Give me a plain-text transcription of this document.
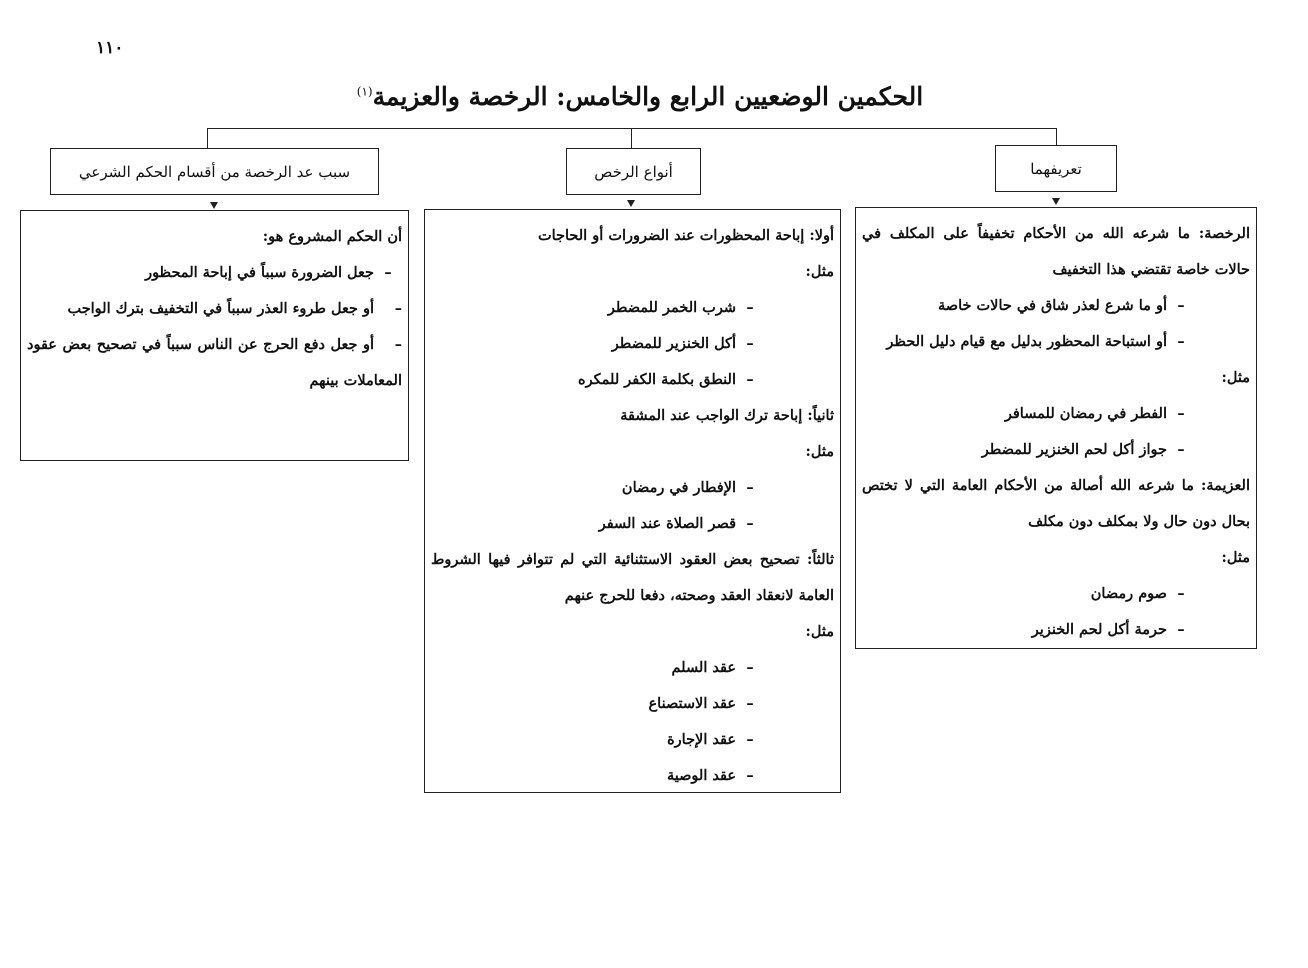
١١٠
الحكمين الوضعيين الرابع والخامس: الرخصة والعزيمة$^{(١)}$
تعريفهما
أنواع الرخص
سبب عد الرخصة من أقسام الحكم الشرعي
الرخصة: ما شرعه الله من الأحكام تخفيفاً على المكلف في حالات خاصة تقتضي هذا التخفيف
–أو ما شرع لعذر شاق في حالات خاصة
–أو استباحة المحظور بدليل مع قيام دليل الحظر
مثل:
–الفطر في رمضان للمسافر
–جواز أكل لحم الخنزير للمضطر
العزيمة: ما شرعه الله أصالة من الأحكام العامة التي لا تختص بحال دون حال ولا بمكلف دون مكلف
مثل:
–صوم رمضان
–حرمة أكل لحم الخنزير
أولا: إباحة المحظورات عند الضرورات أو الحاجات
مثل:
–شرب الخمر للمضطر
–أكل الخنزير للمضطر
–النطق بكلمة الكفر للمكره
ثانياً: إباحة ترك الواجب عند المشقة
مثل:
–الإفطار في رمضان
–قصر الصلاة عند السفر
ثالثاً: تصحيح بعض العقود الاستثنائية التي لم تتوافر فيها الشروط العامة لانعقاد العقد وصحته، دفعا للحرج عنهم
مثل:
–عقد السلم
–عقد الاستصناع
–عقد الإجارة
–عقد الوصية
أن الحكم المشروع هو:
–جعل الضرورة سبباً في إباحة المحظور
–أو جعل طروء العذر سبباً في التخفيف بترك الواجب
–أو جعل دفع الحرج عن الناس سبباً في تصحيح بعض عقود المعاملات بينهم
